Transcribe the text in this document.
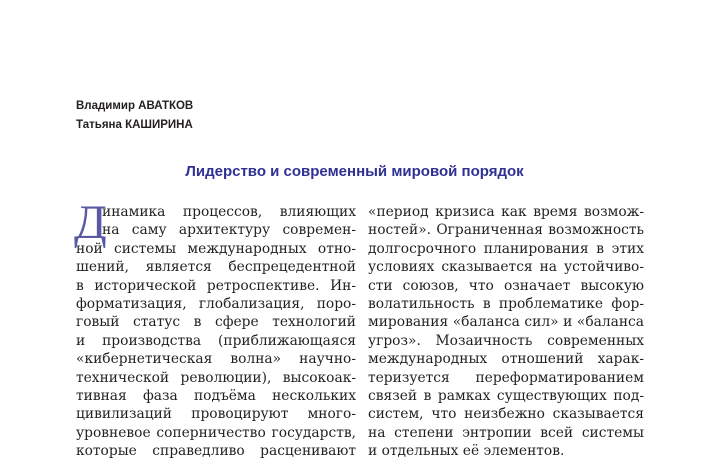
Владимир АВАТКОВ
Татьяна КАШИРИНА
Лидерство и современный мировой порядок
Д
инамика процессов, влияющих
на саму архитектуру современ-
ной системы международных отно-
шений, является беспрецедентной
в исторической ретроспективе. Ин-
форматизация, глобализация, поро-
говый статус в сфере технологий
и производства (приближающаяся
«кибернетическая волна» научно-
технической революции), высокоак-
тивная фаза подъёма нескольких
цивилизаций провоцируют много-
уровневое соперничество государств,
которые справедливо расценивают
«период кризиса как время возмож-
ностей». Ограниченная возможность
долгосрочного планирования в этих
условиях сказывается на устойчиво-
сти союзов, что означает высокую
волатильность в проблематике фор-
мирования «баланса сил» и «баланса
угроз». Мозаичность современных
международных отношений харак-
теризуется переформатированием
связей в рамках существующих под-
систем, что неизбежно сказывается
на степени энтропии всей системы
и отдельных её элементов.
